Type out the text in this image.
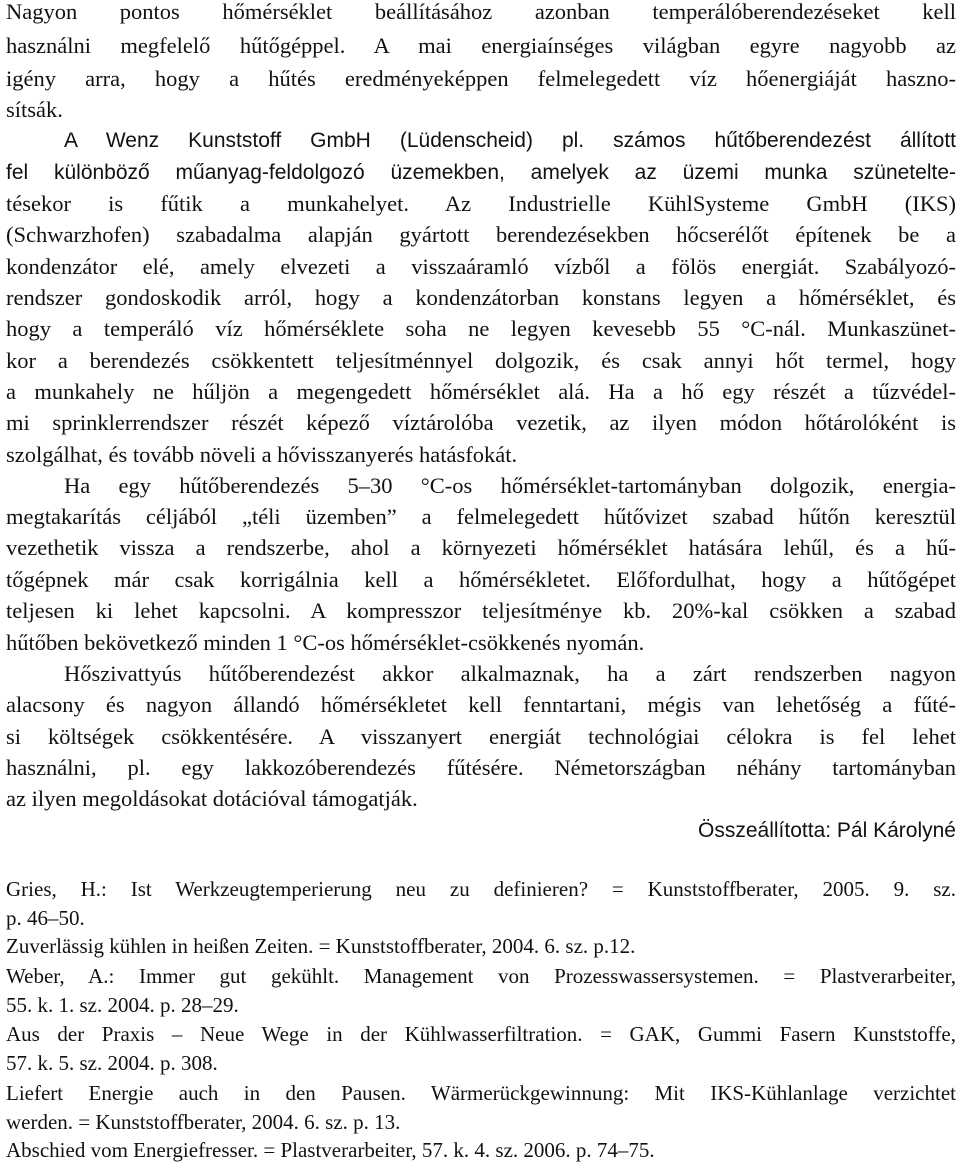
Nagyon pontos hőmérséklet beállításához azonban temperálóberendezéseket kell
használni megfelelő hűtőgéppel. A mai energiaínséges világban egyre nagyobb az
igény arra, hogy a hűtés eredményeképpen felmelegedett víz hőenergiáját haszno-
sítsák.
A Wenz Kunststoff GmbH (Lüdenscheid) pl. számos hűtőberendezést állított
fel különböző műanyag-feldolgozó üzemekben, amelyek az üzemi munka szünetelte-
tésekor is fűtik a munkahelyet. Az Industrielle KühlSysteme GmbH (IKS)
(Schwarzhofen) szabadalma alapján gyártott berendezésekben hőcserélőt építenek be a
kondenzátor elé, amely elvezeti a visszaáramló vízből a fölös energiát. Szabályozó-
rendszer gondoskodik arról, hogy a kondenzátorban konstans legyen a hőmérséklet, és
hogy a temperáló víz hőmérséklete soha ne legyen kevesebb 55 °C-nál. Munkaszünet-
kor a berendezés csökkentett teljesítménnyel dolgozik, és csak annyi hőt termel, hogy
a munkahely ne hűljön a megengedett hőmérséklet alá. Ha a hő egy részét a tűzvédel-
mi sprinklerrendszer részét képező víztárolóba vezetik, az ilyen módon hőtárolóként is
szolgálhat, és tovább növeli a hővisszanyerés hatásfokát.
Ha egy hűtőberendezés 5–30 °C-os hőmérséklet-tartományban dolgozik, energia-
megtakarítás céljából „téli üzemben” a felmelegedett hűtővizet szabad hűtőn keresztül
vezethetik vissza a rendszerbe, ahol a környezeti hőmérséklet hatására lehűl, és a hű-
tőgépnek már csak korrigálnia kell a hőmérsékletet. Előfordulhat, hogy a hűtőgépet
teljesen ki lehet kapcsolni. A kompresszor teljesítménye kb. 20%-kal csökken a szabad
hűtőben bekövetkező minden 1 °C-os hőmérséklet-csökkenés nyomán.
Hőszivattyús hűtőberendezést akkor alkalmaznak, ha a zárt rendszerben nagyon
alacsony és nagyon állandó hőmérsékletet kell fenntartani, mégis van lehetőség a fűté-
si költségek csökkentésére. A visszanyert energiát technológiai célokra is fel lehet
használni, pl. egy lakkozóberendezés fűtésére. Németországban néhány tartományban
az ilyen megoldásokat dotációval támogatják.
Összeállította: Pál Károlyné
Gries, H.: Ist Werkzeugtemperierung neu zu definieren? = Kunststoffberater, 2005. 9. sz.
p. 46–50.
Zuverlässig kühlen in heißen Zeiten. = Kunststoffberater, 2004. 6. sz. p.12.
Weber, A.: Immer gut gekühlt. Management von Prozesswassersystemen. = Plastverarbeiter,
55. k. 1. sz. 2004. p. 28–29.
Aus der Praxis – Neue Wege in der Kühlwasserfiltration. = GAK, Gummi Fasern Kunststoffe,
57. k. 5. sz. 2004. p. 308.
Liefert Energie auch in den Pausen. Wärmerückgewinnung: Mit IKS-Kühlanlage verzichtet
werden. = Kunststoffberater, 2004. 6. sz. p. 13.
Abschied vom Energiefresser. = Plastverarbeiter, 57. k. 4. sz. 2006. p. 74–75.
